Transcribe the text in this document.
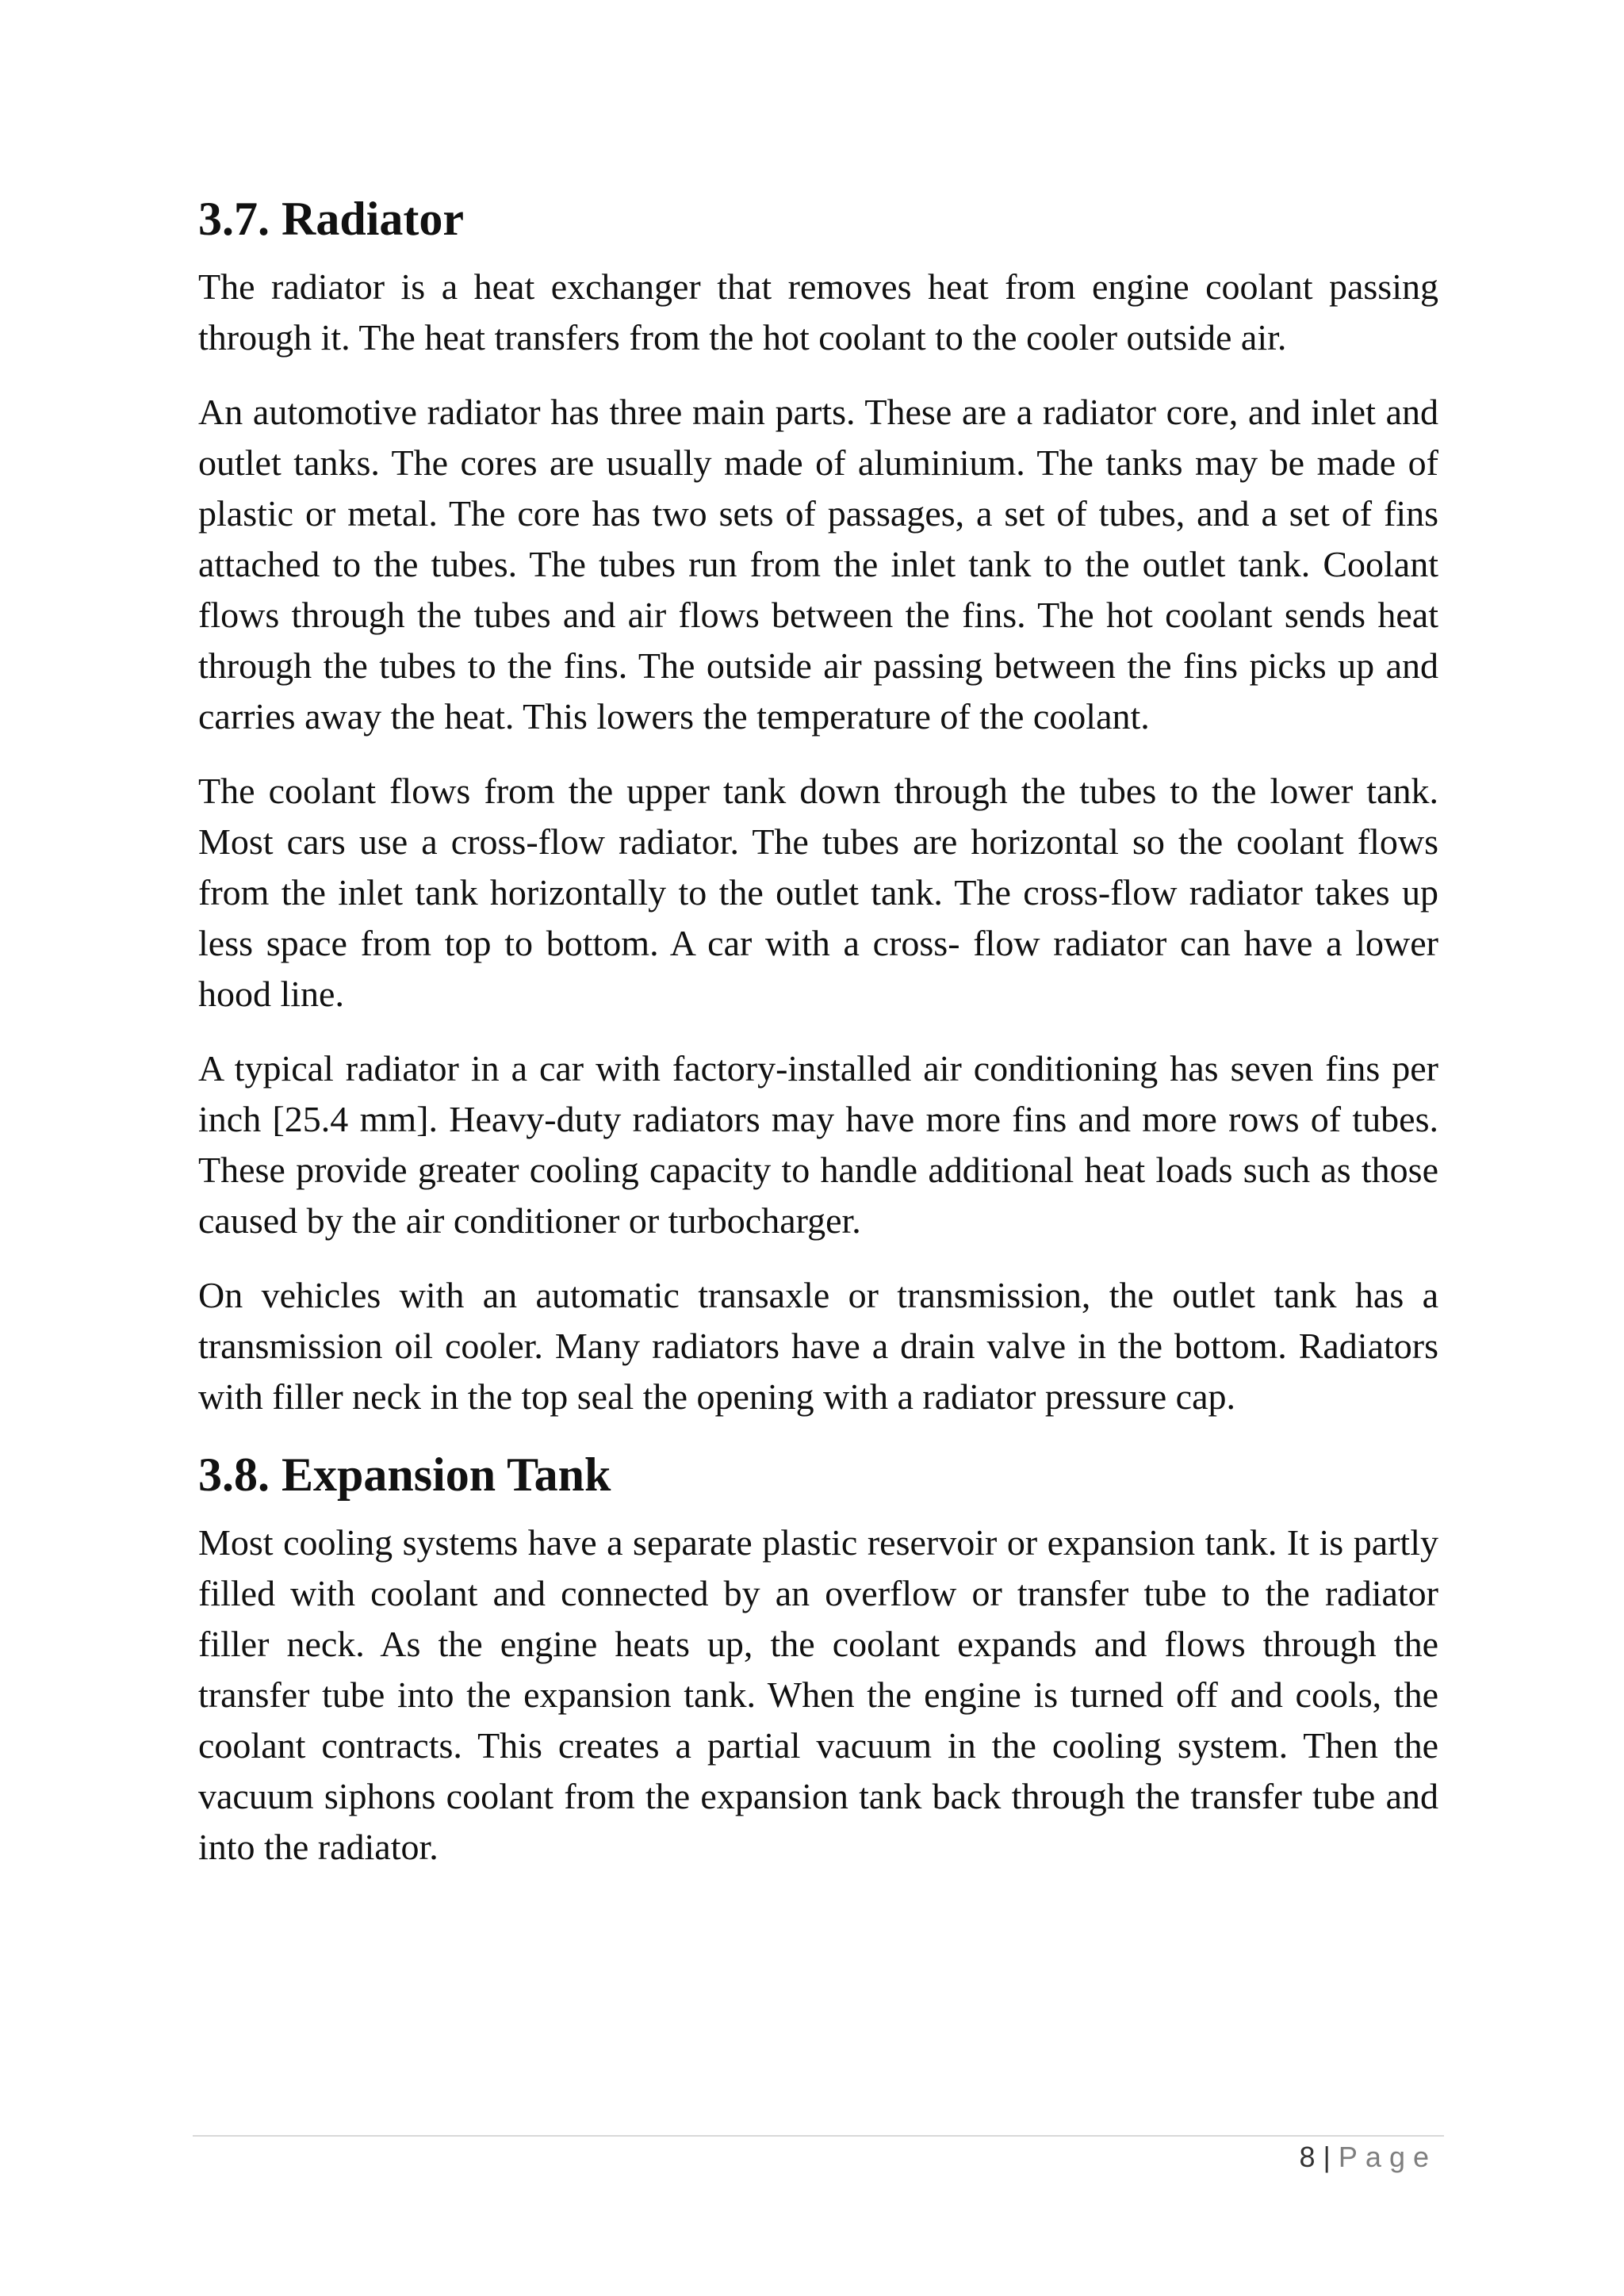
3.7. Radiator

The radiator is a heat exchanger that removes heat from engine coolant passing through it. The heat transfers from the hot coolant to the cooler outside air.

An automotive radiator has three main parts. These are a radiator core, and inlet and outlet tanks. The cores are usually made of aluminium. The tanks may be made of plastic or metal. The core has two sets of passages, a set of tubes, and a set of fins attached to the tubes. The tubes run from the inlet tank to the outlet tank. Coolant flows through the tubes and air flows between the fins. The hot coolant sends heat through the tubes to the fins. The outside air passing between the fins picks up and carries away the heat. This lowers the temperature of the coolant.

The coolant flows from the upper tank down through the tubes to the lower tank. Most cars use a cross-flow radiator. The tubes are horizontal so the coolant flows from the inlet tank horizontally to the outlet tank. The cross-flow radiator takes up less space from top to bottom. A car with a cross- flow radiator can have a lower hood line.

A typical radiator in a car with factory-installed air conditioning has seven fins per inch [25.4 mm]. Heavy-duty radiators may have more fins and more rows of tubes. These provide greater cooling capacity to handle additional heat loads such as those caused by the air conditioner or turbocharger.

On vehicles with an automatic transaxle or transmission, the outlet tank has a transmission oil cooler. Many radiators have a drain valve in the bottom. Radiators with filler neck in the top seal the opening with a radiator pressure cap.

3.8. Expansion Tank

Most cooling systems have a separate plastic reservoir or expansion tank. It is partly filled with coolant and connected by an overflow or transfer tube to the radiator filler neck. As the engine heats up, the coolant expands and flows through the transfer tube into the expansion tank. When the engine is turned off and cools, the coolant contracts. This creates a partial vacuum in the cooling system. Then the vacuum siphons coolant from the expansion tank back through the transfer tube and into the radiator.

8 | Page
